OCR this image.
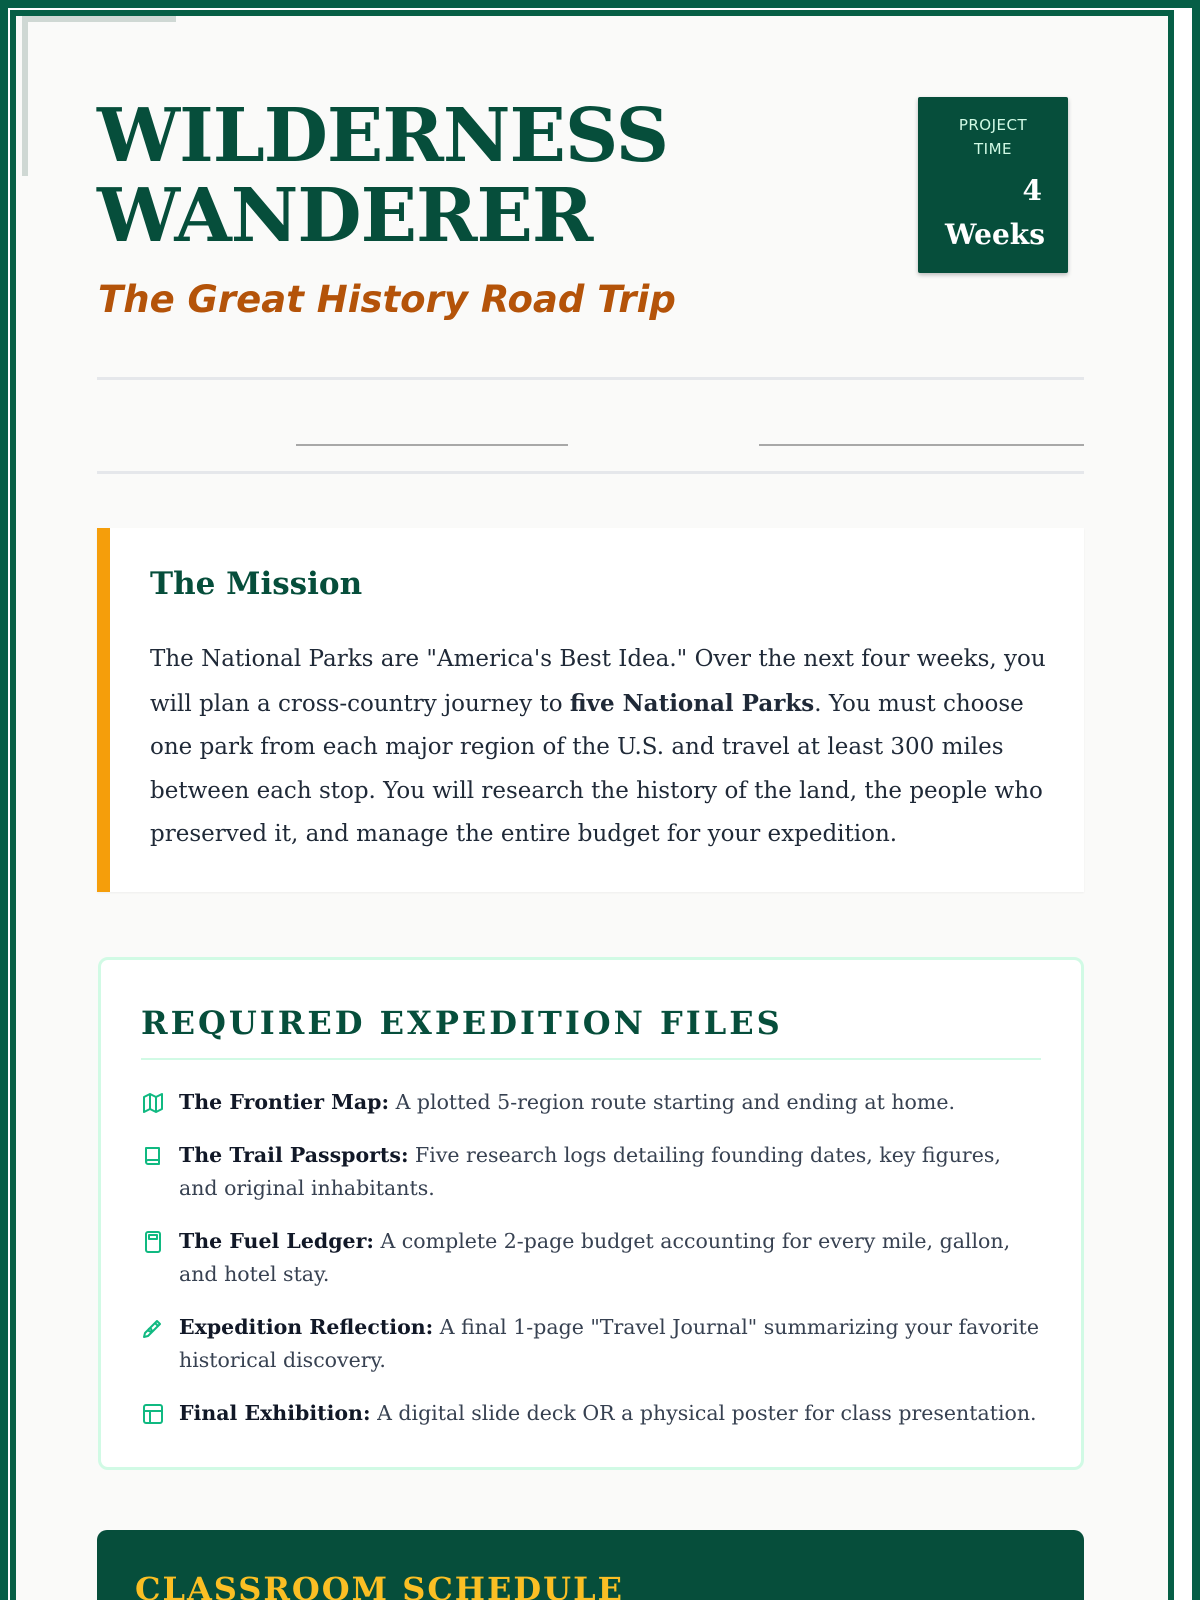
WILDERNESS
WANDERER
The Great History Road Trip
PROJECT
TIME
4
Weeks
The Mission

The National Parks are "America's Best Idea." Over the next four weeks, you will plan a cross-country journey to five National Parks. You must choose one park from each major region of the U.S. and travel at least 300 miles between each stop. You will research the history of the land, the people who preserved it, and manage the entire budget for your expedition.

REQUIRED EXPEDITION FILES
The Frontier Map: A plotted 5-region route starting and ending at home.
The Trail Passports: Five research logs detailing founding dates, key figures, and original inhabitants.
The Fuel Ledger: A complete 2-page budget accounting for every mile, gallon, and hotel stay.
Expedition Reflection: A final 1-page "Travel Journal" summarizing your favorite historical discovery.
Final Exhibition: A digital slide deck OR a physical poster for class presentation.
CLASSROOM SCHEDULE
